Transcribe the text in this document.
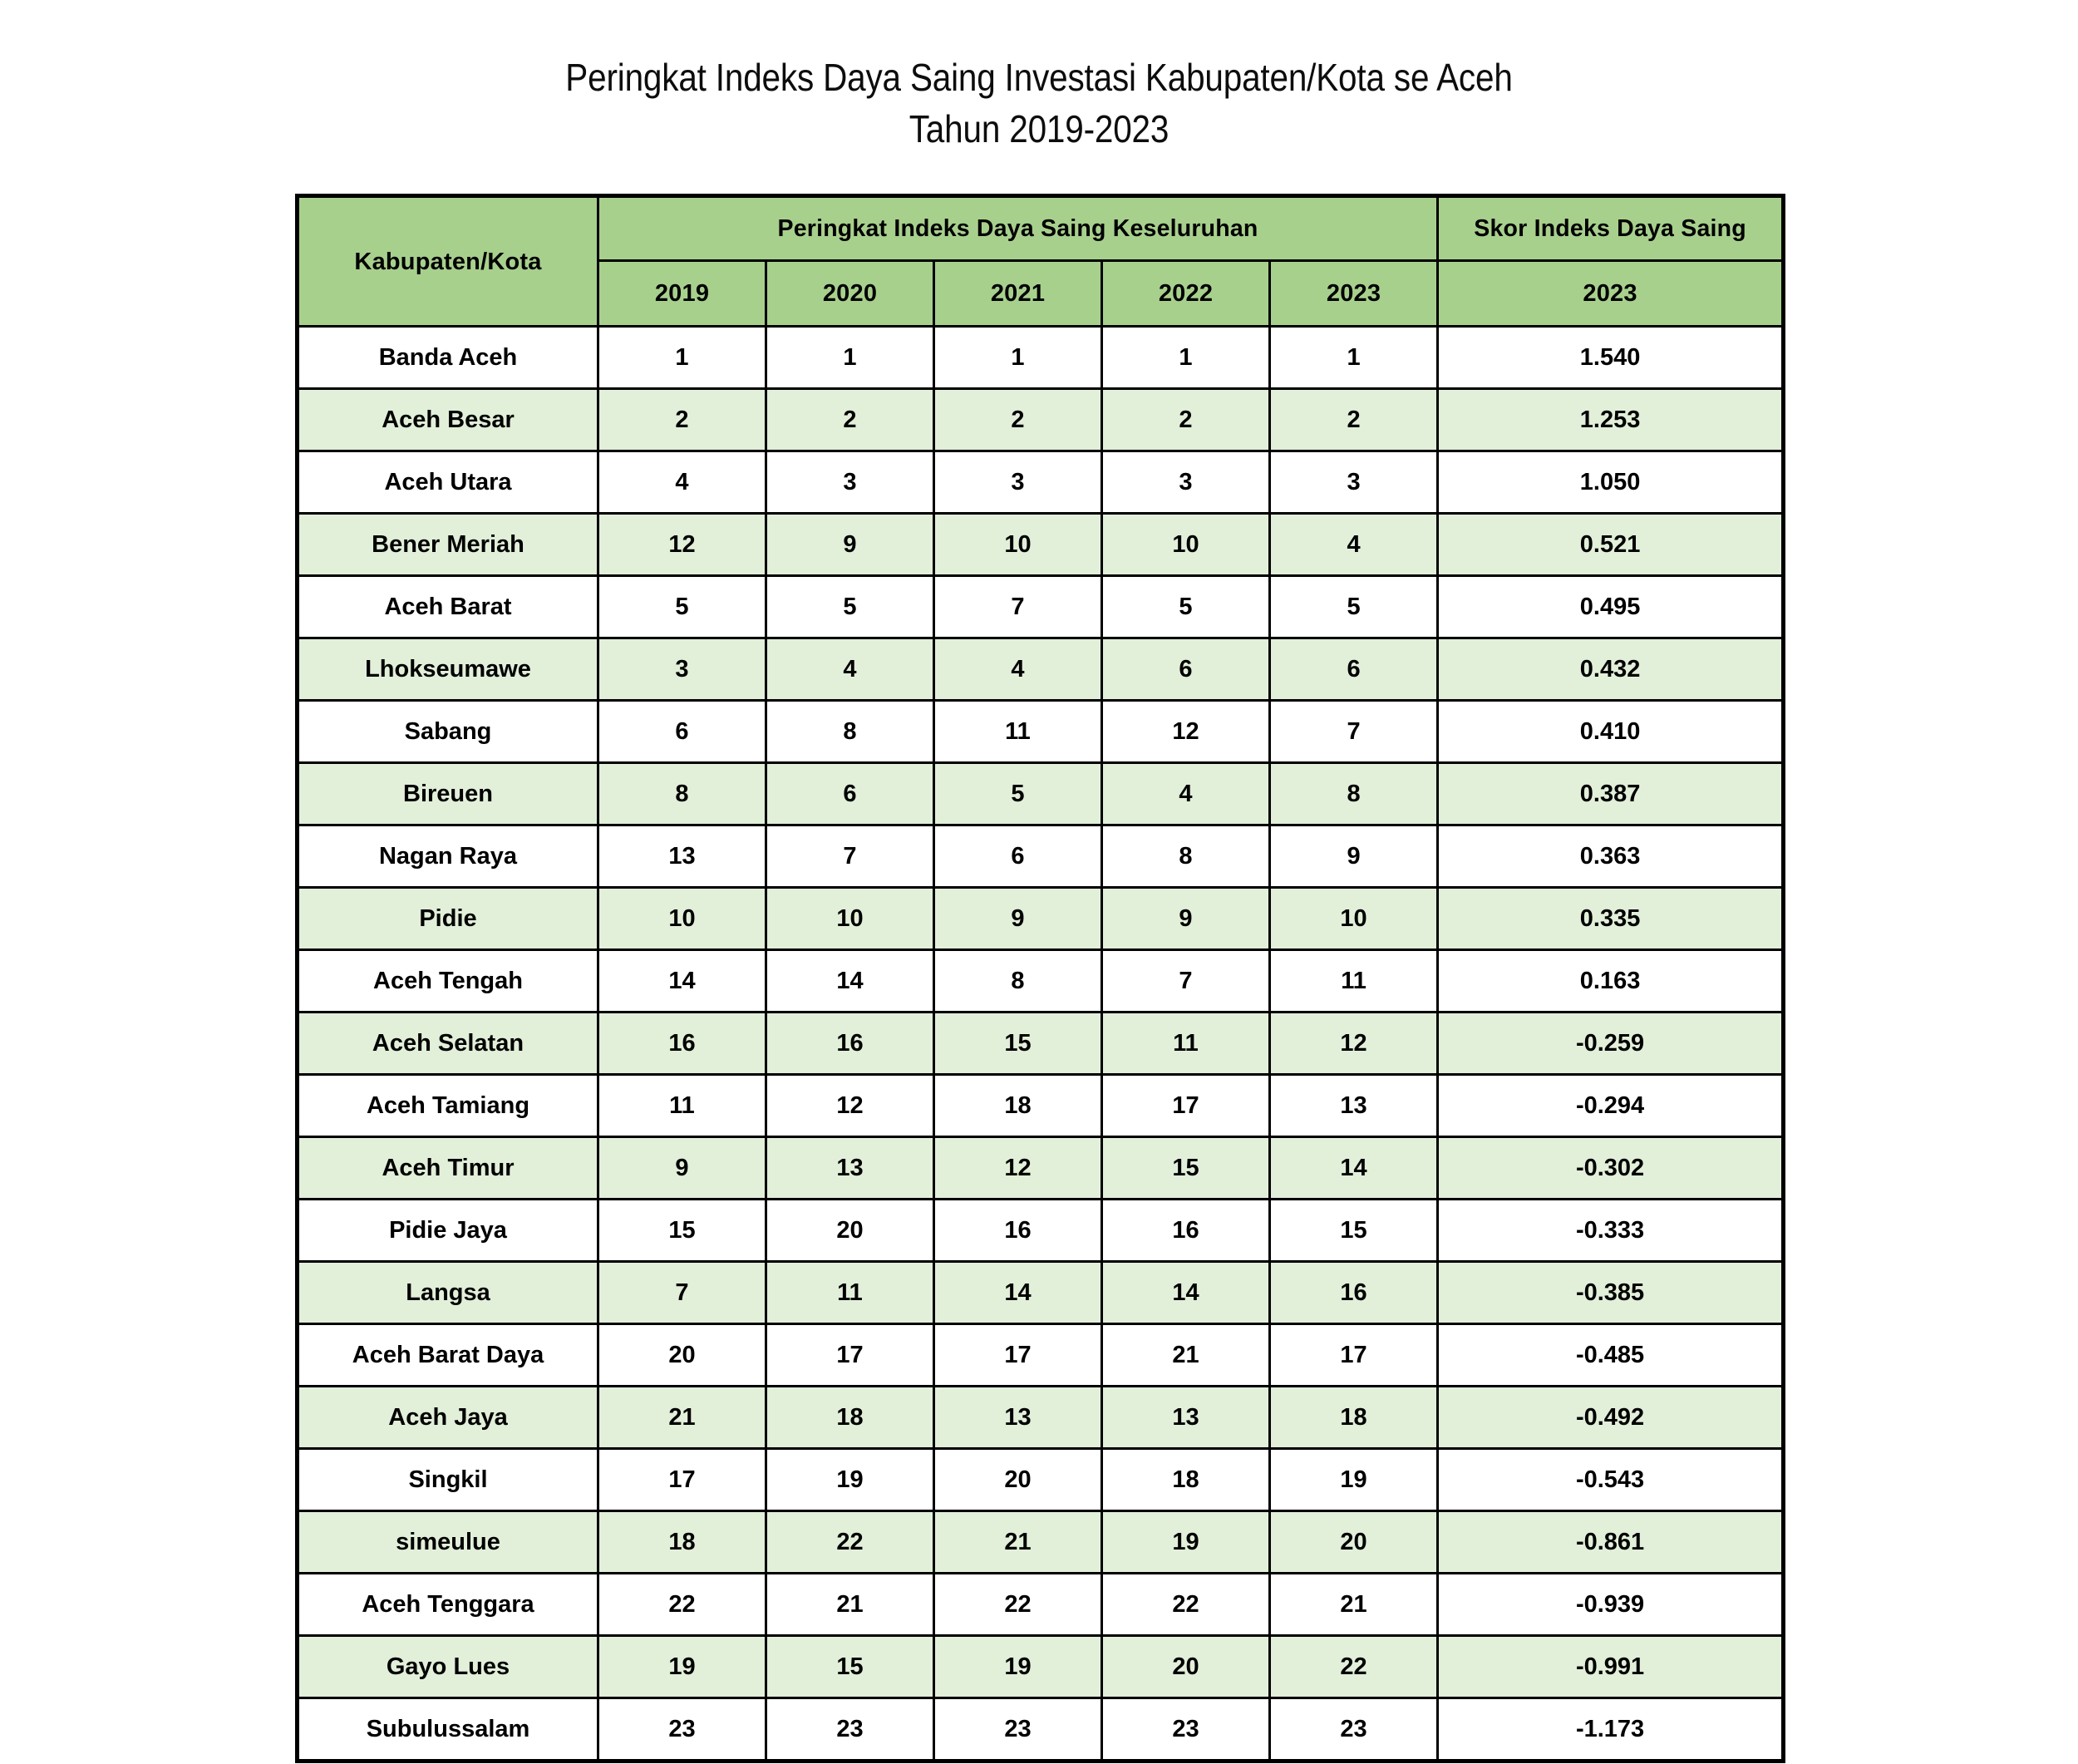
Peringkat Indeks Daya Saing Investasi Kabupaten/Kota se Aceh
Tahun 2019-2023
Kabupaten/Kota	Peringkat Indeks Daya Saing Keseluruhan					Skor Indeks Daya Saing
	2019	2020	2021	2022	2023	2023
Banda Aceh	1	1	1	1	1	1.540
Aceh Besar	2	2	2	2	2	1.253
Aceh Utara	4	3	3	3	3	1.050
Bener Meriah	12	9	10	10	4	0.521
Aceh Barat	5	5	7	5	5	0.495
Lhokseumawe	3	4	4	6	6	0.432
Sabang	6	8	11	12	7	0.410
Bireuen	8	6	5	4	8	0.387
Nagan Raya	13	7	6	8	9	0.363
Pidie	10	10	9	9	10	0.335
Aceh Tengah	14	14	8	7	11	0.163
Aceh Selatan	16	16	15	11	12	-0.259
Aceh Tamiang	11	12	18	17	13	-0.294
Aceh Timur	9	13	12	15	14	-0.302
Pidie Jaya	15	20	16	16	15	-0.333
Langsa	7	11	14	14	16	-0.385
Aceh Barat Daya	20	17	17	21	17	-0.485
Aceh Jaya	21	18	13	13	18	-0.492
Singkil	17	19	20	18	19	-0.543
simeulue	18	22	21	19	20	-0.861
Aceh Tenggara	22	21	22	22	21	-0.939
Gayo Lues	19	15	19	20	22	-0.991
Subulussalam	23	23	23	23	23	-1.173
